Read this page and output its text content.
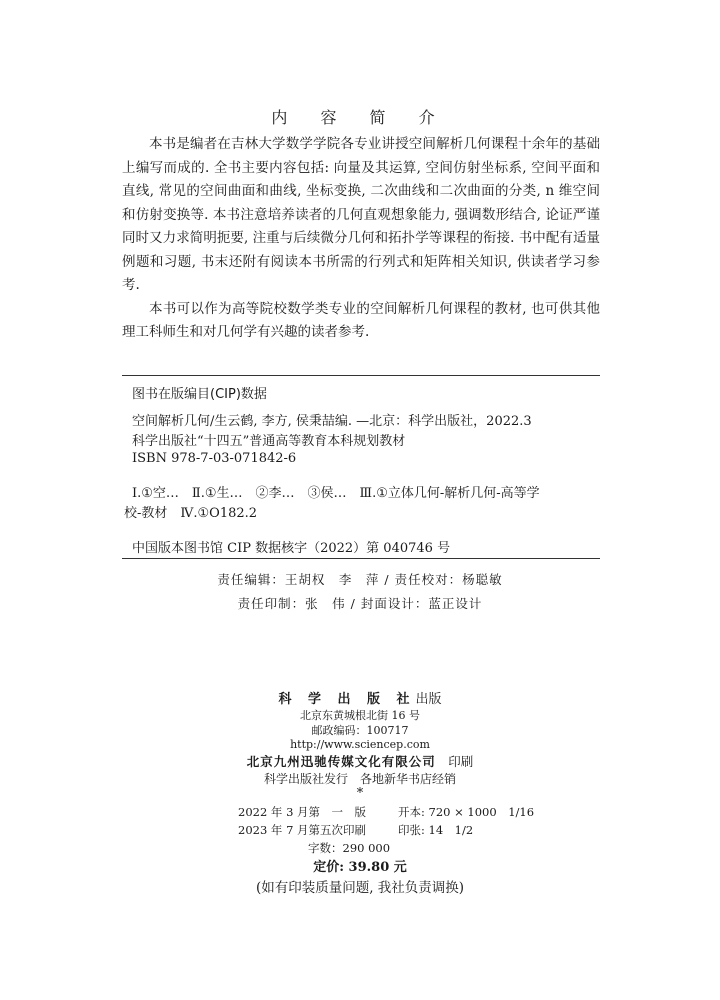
内 容 简 介

本书是编者在吉林大学数学学院各专业讲授空间解析几何课程十余年的基础上编写而成的. 全书主要内容包括: 向量及其运算, 空间仿射坐标系, 空间平面和直线, 常见的空间曲面和曲线, 坐标变换, 二次曲线和二次曲面的分类, n 维空间和仿射变换等. 本书注意培养读者的几何直观想象能力, 强调数形结合, 论证严谨同时又力求简明扼要, 注重与后续微分几何和拓扑学等课程的衔接. 书中配有适量例题和习题, 书末还附有阅读本书所需的行列式和矩阵相关知识, 供读者学习参考.

本书可以作为高等院校数学类专业的空间解析几何课程的教材, 也可供其他理工科师生和对几何学有兴趣的读者参考.

图书在版编目(CIP)数据
空间解析几何/生云鹤, 李方, 侯秉喆编. —北京：科学出版社，2022.3
科学出版社“十四五”普通高等教育本科规划教材
ISBN 978-7-03-071842-6
Ⅰ.①空…　Ⅱ.①生…　②李…　③侯…　Ⅲ.①立体几何-解析几何-高等学
校-教材　Ⅳ.①O182.2
中国版本图书馆 CIP 数据核字（2022）第 040746 号
责任编辑：王胡权　李　萍 / 责任校对：杨聪敏
责任印制：张　伟 / 封面设计：蓝正设计
科 学 出 版 社出版
北京东黄城根北街 16 号
邮政编码：100717
http://www.sciencep.com
北京九州迅驰传媒文化有限公司　 印刷
科学出版社发行　各地新华书店经销
*
2022 年 3 月第　一　版	开本: 720 × 1000　1/16
2023 年 7 月第五次印刷	印张: 14　1/2
字数：290 000
定价: 39.80 元
(如有印装质量问题, 我社负责调换)
